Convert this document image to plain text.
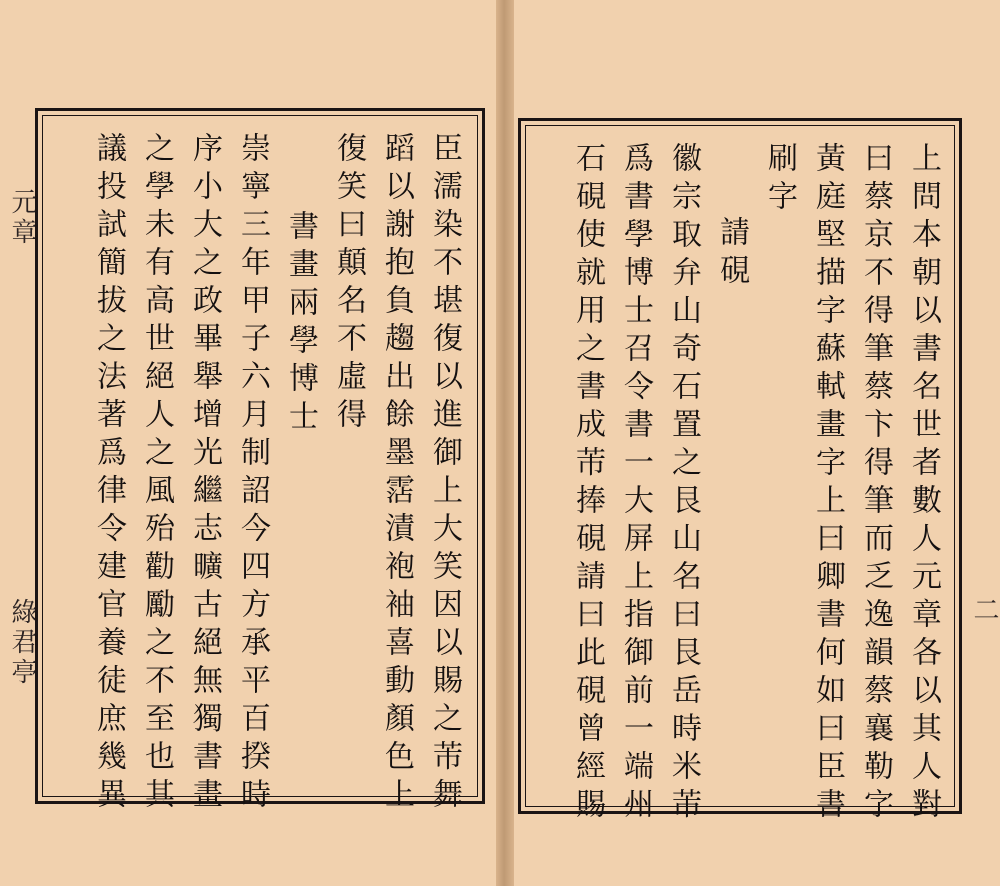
元章
綠君亭	二
臣濡染不堪復以進御上大笑因以賜之芾舞
蹈以謝抱負趨出餘墨霑漬袍袖喜動顏色上
復笑曰顛名不虛得
書畫兩學博士
崇寧三年甲子六月制詔今四方承平百揆時
序小大之政畢舉增光繼志曠古絕無獨書畫
之學未有高世絕人之風殆勸勵之不至也其
議投試簡拔之法著爲律令建官養徒庶幾異	上問本朝以書名世者數人元章各以其人對
曰蔡京不得筆蔡卞得筆而乏逸韻蔡襄勒字
黃庭堅描字蘇軾畫字上曰卿書何如曰臣書
刷字
請硯
徽宗取弁山奇石置之艮山名曰艮岳時米芾
爲書學博士召令書一大屏上指御前一端州
石硯使就用之書成芾捧硯請曰此硯曾經賜
